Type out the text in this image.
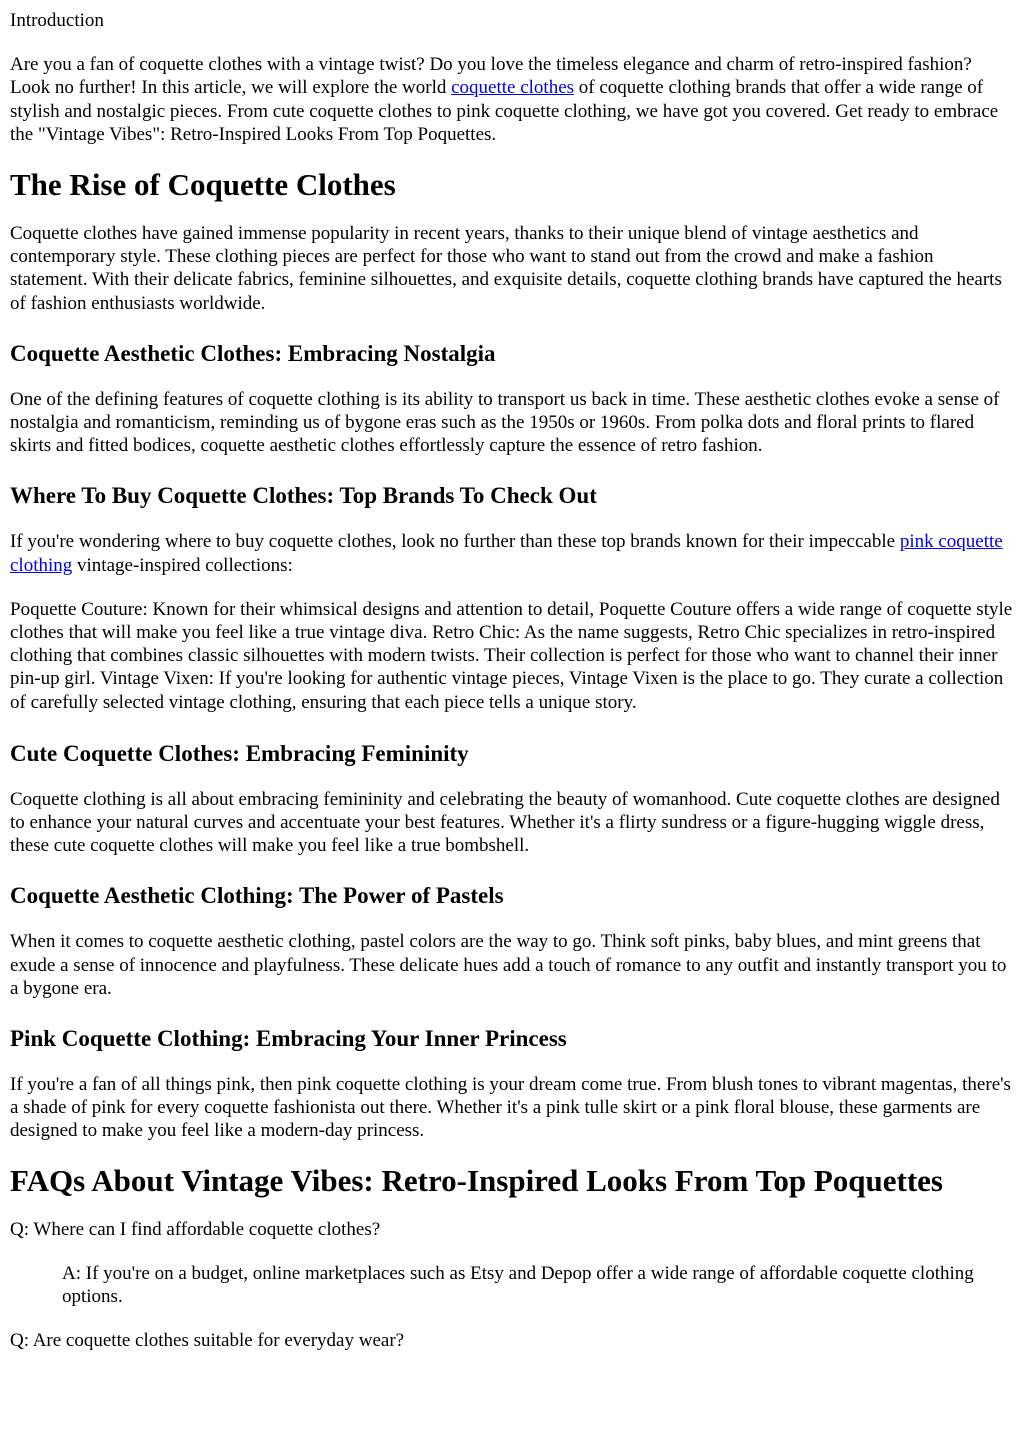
Introduction

Are you a fan of coquette clothes with a vintage twist? Do you love the timeless elegance and charm of retro-inspired fashion? Look no further! In this article, we will explore the world coquette clothes of coquette clothing brands that offer a wide range of stylish and nostalgic pieces. From cute coquette clothes to pink coquette clothing, we have got you covered. Get ready to embrace the "Vintage Vibes": Retro-Inspired Looks From Top Poquettes.

The Rise of Coquette Clothes

Coquette clothes have gained immense popularity in recent years, thanks to their unique blend of vintage aesthetics and contemporary style. These clothing pieces are perfect for those who want to stand out from the crowd and make a fashion statement. With their delicate fabrics, feminine silhouettes, and exquisite details, coquette clothing brands have captured the hearts of fashion enthusiasts worldwide.

Coquette Aesthetic Clothes: Embracing Nostalgia

One of the defining features of coquette clothing is its ability to transport us back in time. These aesthetic clothes evoke a sense of nostalgia and romanticism, reminding us of bygone eras such as the 1950s or 1960s. From polka dots and floral prints to flared skirts and fitted bodices, coquette aesthetic clothes effortlessly capture the essence of retro fashion.

Where To Buy Coquette Clothes: Top Brands To Check Out

If you're wondering where to buy coquette clothes, look no further than these top brands known for their impeccable pink coquette clothing vintage-inspired collections:

Poquette Couture: Known for their whimsical designs and attention to detail, Poquette Couture offers a wide range of coquette style clothes that will make you feel like a true vintage diva. Retro Chic: As the name suggests, Retro Chic specializes in retro-inspired clothing that combines classic silhouettes with modern twists. Their collection is perfect for those who want to channel their inner pin-up girl. Vintage Vixen: If you're looking for authentic vintage pieces, Vintage Vixen is the place to go. They curate a collection of carefully selected vintage clothing, ensuring that each piece tells a unique story.

Cute Coquette Clothes: Embracing Femininity

Coquette clothing is all about embracing femininity and celebrating the beauty of womanhood. Cute coquette clothes are designed to enhance your natural curves and accentuate your best features. Whether it's a flirty sundress or a figure-hugging wiggle dress, these cute coquette clothes will make you feel like a true bombshell.

Coquette Aesthetic Clothing: The Power of Pastels

When it comes to coquette aesthetic clothing, pastel colors are the way to go. Think soft pinks, baby blues, and mint greens that exude a sense of innocence and playfulness. These delicate hues add a touch of romance to any outfit and instantly transport you to a bygone era.

Pink Coquette Clothing: Embracing Your Inner Princess

If you're a fan of all things pink, then pink coquette clothing is your dream come true. From blush tones to vibrant magentas, there's a shade of pink for every coquette fashionista out there. Whether it's a pink tulle skirt or a pink floral blouse, these garments are designed to make you feel like a modern-day princess.

FAQs About Vintage Vibes: Retro-Inspired Looks From Top Poquettes

Q: Where can I find affordable coquette clothes?

A: If you're on a budget, online marketplaces such as Etsy and Depop offer a wide range of affordable coquette clothing options.

Q: Are coquette clothes suitable for everyday wear?
